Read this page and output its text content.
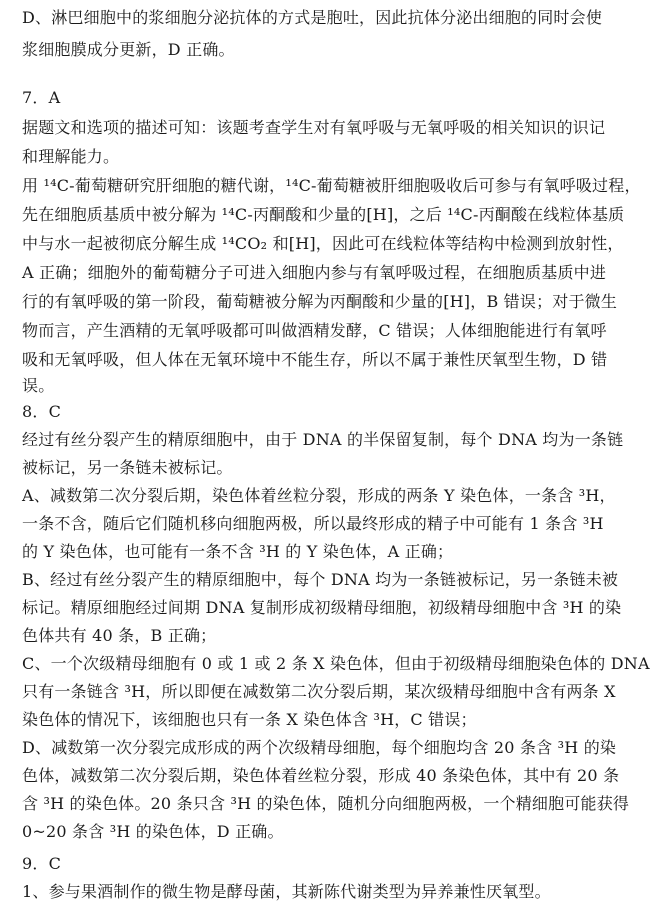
D、淋巴细胞中的浆细胞分泌抗体的方式是胞吐，因此抗体分泌出细胞的同时会使
浆细胞膜成分更新，D 正确。
7．A
据题文和选项的描述可知：该题考查学生对有氧呼吸与无氧呼吸的相关知识的识记
和理解能力。
用 ¹⁴C-葡萄糖研究肝细胞的糖代谢，¹⁴C-葡萄糖被肝细胞吸收后可参与有氧呼吸过程，
先在细胞质基质中被分解为 ¹⁴C-丙酮酸和少量的[H]，之后 ¹⁴C-丙酮酸在线粒体基质
中与水一起被彻底分解生成 ¹⁴CO₂ 和[H]，因此可在线粒体等结构中检测到放射性，
A 正确；细胞外的葡萄糖分子可进入细胞内参与有氧呼吸过程，在细胞质基质中进
行的有氧呼吸的第一阶段，葡萄糖被分解为丙酮酸和少量的[H]，B 错误；对于微生
物而言，产生酒精的无氧呼吸都可叫做酒精发酵，C 错误；人体细胞能进行有氧呼
吸和无氧呼吸，但人体在无氧环境中不能生存，所以不属于兼性厌氧型生物，D 错
误。
8．C
经过有丝分裂产生的精原细胞中，由于 DNA 的半保留复制，每个 DNA 均为一条链
被标记，另一条链未被标记。
A、减数第二次分裂后期，染色体着丝粒分裂，形成的两条 Y 染色体，一条含 ³H，
一条不含，随后它们随机移向细胞两极，所以最终形成的精子中可能有 1 条含 ³H
的 Y 染色体，也可能有一条不含 ³H 的 Y 染色体，A 正确；
B、经过有丝分裂产生的精原细胞中，每个 DNA 均为一条链被标记，另一条链未被
标记。精原细胞经过间期 DNA 复制形成初级精母细胞，初级精母细胞中含 ³H 的染
色体共有 40 条，B 正确；
C、一个次级精母细胞有 0 或 1 或 2 条 X 染色体，但由于初级精母细胞染色体的 DNA
只有一条链含 ³H，所以即便在减数第二次分裂后期，某次级精母细胞中含有两条 X
染色体的情况下，该细胞也只有一条 X 染色体含 ³H，C 错误；
D、减数第一次分裂完成形成的两个次级精母细胞，每个细胞均含 20 条含 ³H 的染
色体，减数第二次分裂后期，染色体着丝粒分裂，形成 40 条染色体，其中有 20 条
含 ³H 的染色体。20 条只含 ³H 的染色体，随机分向细胞两极，一个精细胞可能获得
0~20 条含 ³H 的染色体，D 正确。
9．C
1、参与果酒制作的微生物是酵母菌，其新陈代谢类型为异养兼性厌氧型。
